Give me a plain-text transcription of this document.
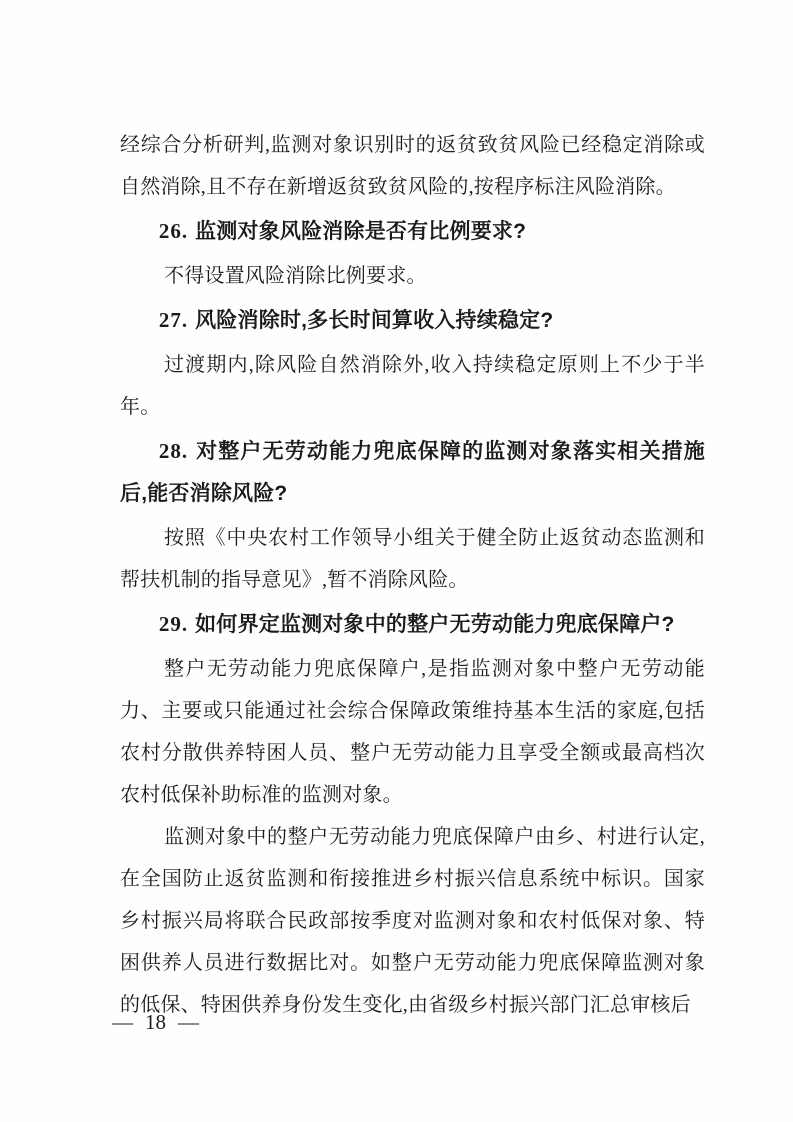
经综合分析研判,监测对象识别时的返贫致贫风险已经稳定消除或自然消除,且不存在新增返贫致贫风险的,按程序标注风险消除。

26. 监测对象风险消除是否有比例要求?

不得设置风险消除比例要求。

27. 风险消除时,多长时间算收入持续稳定?

过渡期内,除风险自然消除外,收入持续稳定原则上不少于半年。

28. 对整户无劳动能力兜底保障的监测对象落实相关措施后,能否消除风险?

按照《中央农村工作领导小组关于健全防止返贫动态监测和帮扶机制的指导意见》,暂不消除风险。

29. 如何界定监测对象中的整户无劳动能力兜底保障户?

整户无劳动能力兜底保障户,是指监测对象中整户无劳动能力、主要或只能通过社会综合保障政策维持基本生活的家庭,包括农村分散供养特困人员、整户无劳动能力且享受全额或最高档次农村低保补助标准的监测对象。

监测对象中的整户无劳动能力兜底保障户由乡、村进行认定,在全国防止返贫监测和衔接推进乡村振兴信息系统中标识。国家乡村振兴局将联合民政部按季度对监测对象和农村低保对象、特困供养人员进行数据比对。如整户无劳动能力兜底保障监测对象的低保、特困供养身份发生变化,由省级乡村振兴部门汇总审核后

— 18 —
